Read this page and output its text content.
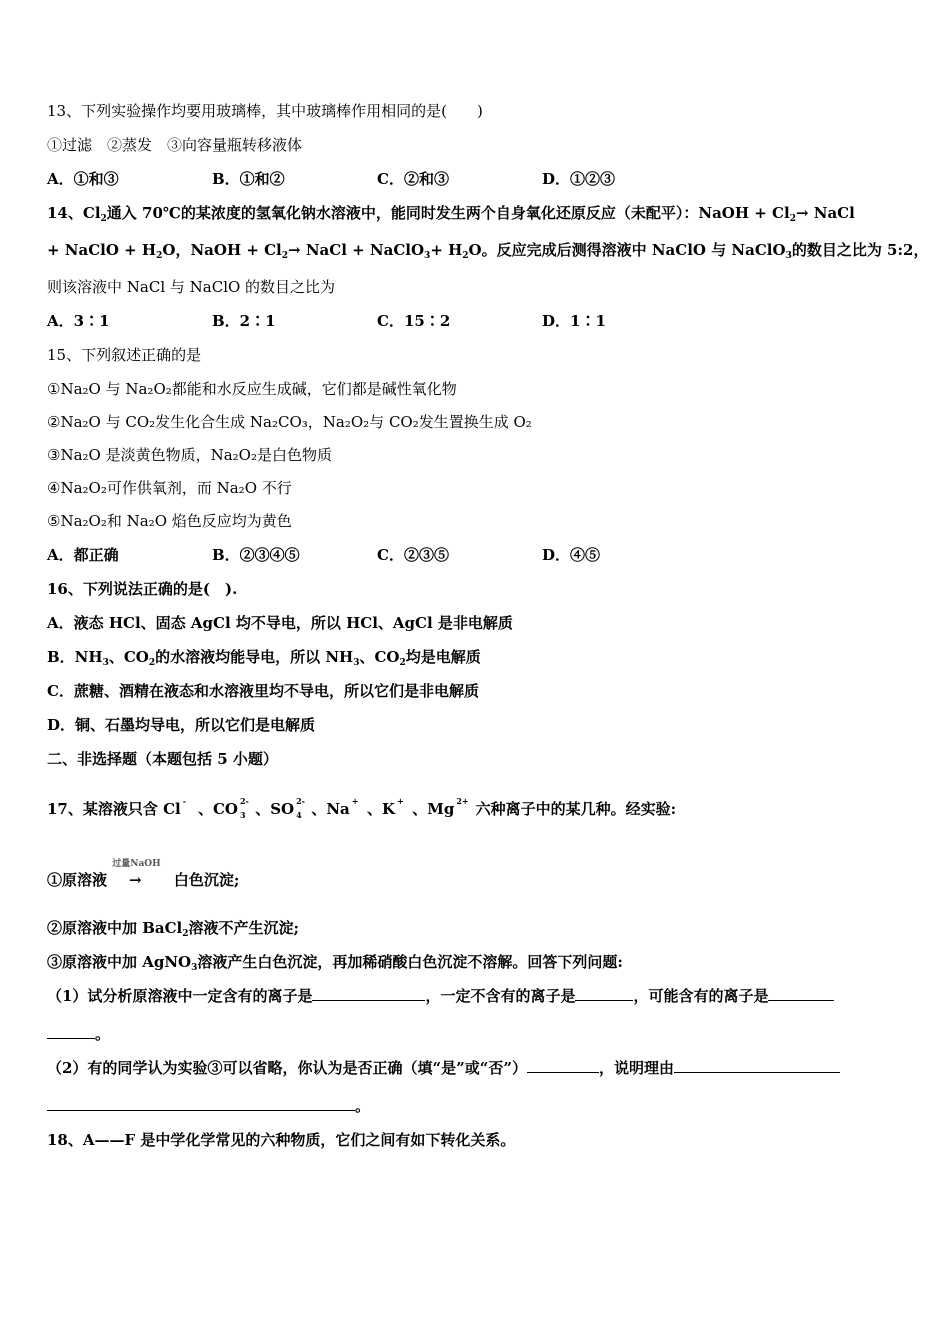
13、下列实验操作均要用玻璃棒，其中玻璃棒作用相同的是(　　)
①过滤　②蒸发　③向容量瓶转移液体
A．①和③	B．①和②	C．②和③	D．①②③
14、$Cl_2$通入 70℃的某浓度的氢氧化钠水溶液中，能同时发生两个自身氧化还原反应（未配平）：NaOH + $Cl_2\to$ NaCl
+ NaClO + $H_2O$，NaOH + $Cl_2\to$ NaCl + NaClO$_3$+ $H_2O$。反应完成后测得溶液中 NaClO 与 NaClO$_3$的数目之比为 5:2，
则该溶液中 NaCl 与 NaClO 的数目之比为
A．3∶1	B．2∶1	C．15∶2	D．1∶1
15、下列叙述正确的是
①Na₂O 与 Na₂O₂都能和水反应生成碱，它们都是碱性氧化物
②Na₂O 与 CO₂发生化合生成 Na₂CO₃，Na₂O₂与 CO₂发生置换生成 O₂
③Na₂O 是淡黄色物质，Na₂O₂是白色物质
④Na₂O₂可作供氧剂，而 Na₂O 不行
⑤Na₂O₂和 Na₂O 焰色反应均为黄色
A．都正确	B．②③④⑤	C．②③⑤	D．④⑤
16、下列说法正确的是(　).
A．液态 HCl、固态 AgCl 均不导电，所以 HCl、AgCl 是非电解质
B．$NH_3$、$CO_2$的水溶液均能导电，所以 $NH_3$、$CO_2$均是电解质
C．蔗糖、酒精在液态和水溶液里均不导电，所以它们是非电解质
D．铜、石墨均导电，所以它们是电解质
二、非选择题（本题包括 5 小题）
17、某溶液只含 Cl - 、CO 2-
3 、SO 2-
4 、Na + 、K + 、Mg 2+ 六种离子中的某几种。经实验:
①原溶液
过量NaOH
→ 白色沉淀;
②原溶液中加 BaCl$_2$溶液不产生沉淀;
③原溶液中加 AgNO$_3$溶液产生白色沉淀，再加稀硝酸白色沉淀不溶解。回答下列问题:
（1）试分析原溶液中一定含有的离子是	，一定不含有的离子是	，可能含有的离子是
。
（2）有的同学认为实验③可以省略，你认为是否正确（填“是”或“否”）	，说明理由
。
18、A——F 是中学化学常见的六种物质，它们之间有如下转化关系。
